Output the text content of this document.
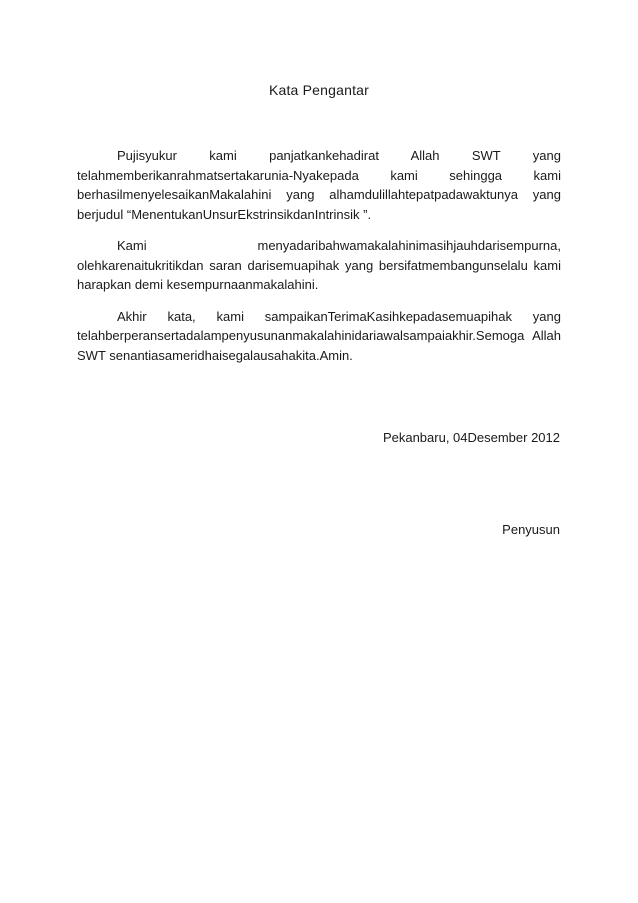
Kata Pengantar

Pujisyukur kami panjatkankehadirat Allah SWT yang telahmemberikanrahmatsertakarunia-Nyakepada kami sehingga kami berhasilmenyelesaikanMakalahini yang alhamdulillahtepatpadawaktunya yang berjudul “MenentukanUnsurEkstrinsikdanIntrinsik ”.

Kami menyadaribahwamakalahinimasihjauhdarisempurna, olehkarenaitukritikdan saran darisemuapihak yang bersifatmembangunselalu kami harapkan demi kesempurnaanmakalahini.

Akhir kata, kami sampaikanTerimaKasihkepadasemuapihak yang telahberperansertadalampenyusunanmakalahinidariawalsampaiakhir.Semoga Allah SWT senantiasameridhaisegalausahakita.Amin.

Pekanbaru, 04Desember 2012
Penyusun
